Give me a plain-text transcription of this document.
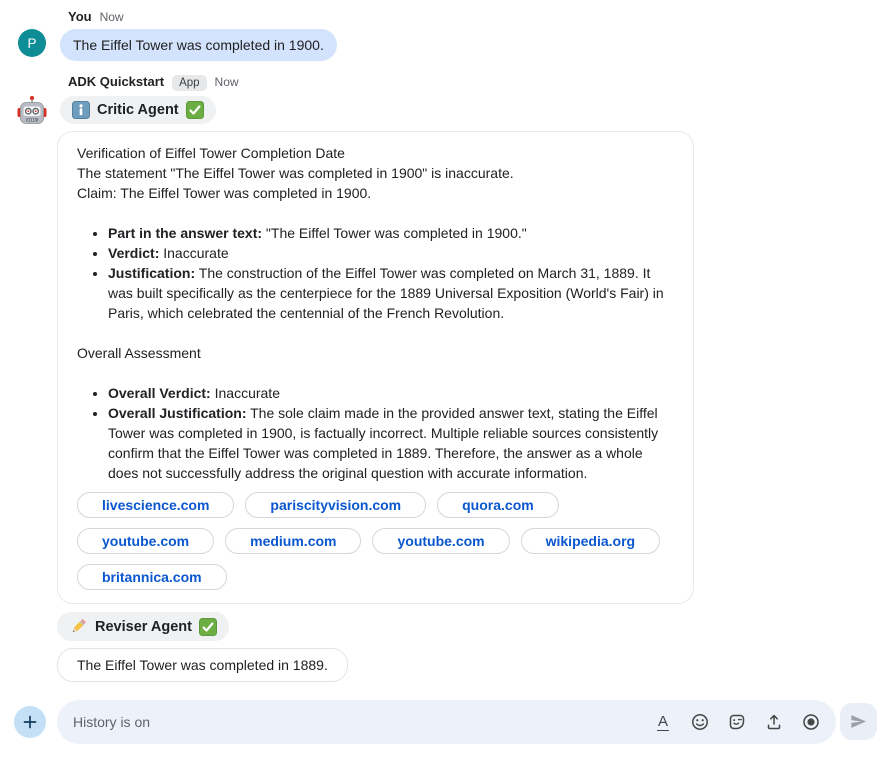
You Now
P	The Eiffel Tower was completed in 1900.
ADK Quickstart	App	Now
Critic Agent

Verification of Eiffel Tower Completion Date

The statement "The Eiffel Tower was completed in 1900" is inaccurate.

Claim: The Eiffel Tower was completed in 1900.

• Part in the answer text: "The Eiffel Tower was completed in 1900."
• Verdict: Inaccurate
• Justification: The construction of the Eiffel Tower was completed on March 31, 1889. It was built specifically as the centerpiece for the 1889 Universal Exposition (World's Fair) in Paris, which celebrated the centennial of the French Revolution.

Overall Assessment

• Overall Verdict: Inaccurate
• Overall Justification: The sole claim made in the provided answer text, stating the Eiffel Tower was completed in 1900, is factually incorrect. Multiple reliable sources consistently confirm that the Eiffel Tower was completed in 1889. Therefore, the answer as a whole does not successfully address the original question with accurate information.
livescience.com	pariscityvision.com	quora.com
youtube.com	medium.com	youtube.com	wikipedia.org
britannica.com
Reviser Agent
The Eiffel Tower was completed in 1889.
History is on	A
